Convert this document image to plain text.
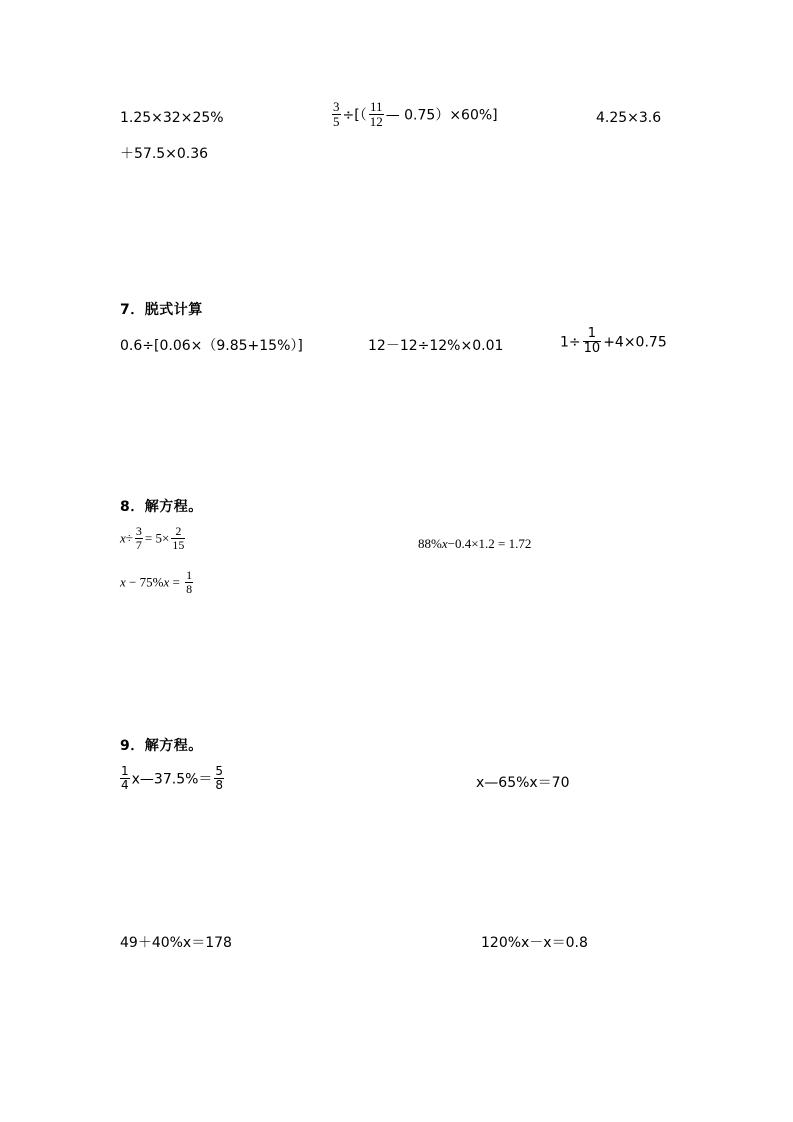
1.25×32×25%	$\frac{3}{5}$ ÷[（ $\frac{11}{12}$ — 0.75）×60%]	4.25×3.6
＋57.5×0.36
7．脱式计算
0.6÷[0.06×（9.85+15%）]	12－12÷12%×0.01	$1\div \frac{1}{10} +4\times 0.75$
8．解方程。
$x\div \frac{3}{7} = 5\times \frac{2}{15}$	88%x−0.4×1.2 = 1.72
$x - 75\%x = \frac{1}{8}$
9．解方程。
$\frac{1}{4}$ x—37.5%＝ $\frac{5}{8}$	x—65%x＝70
49＋40%x＝178	120%x－x＝0.8
